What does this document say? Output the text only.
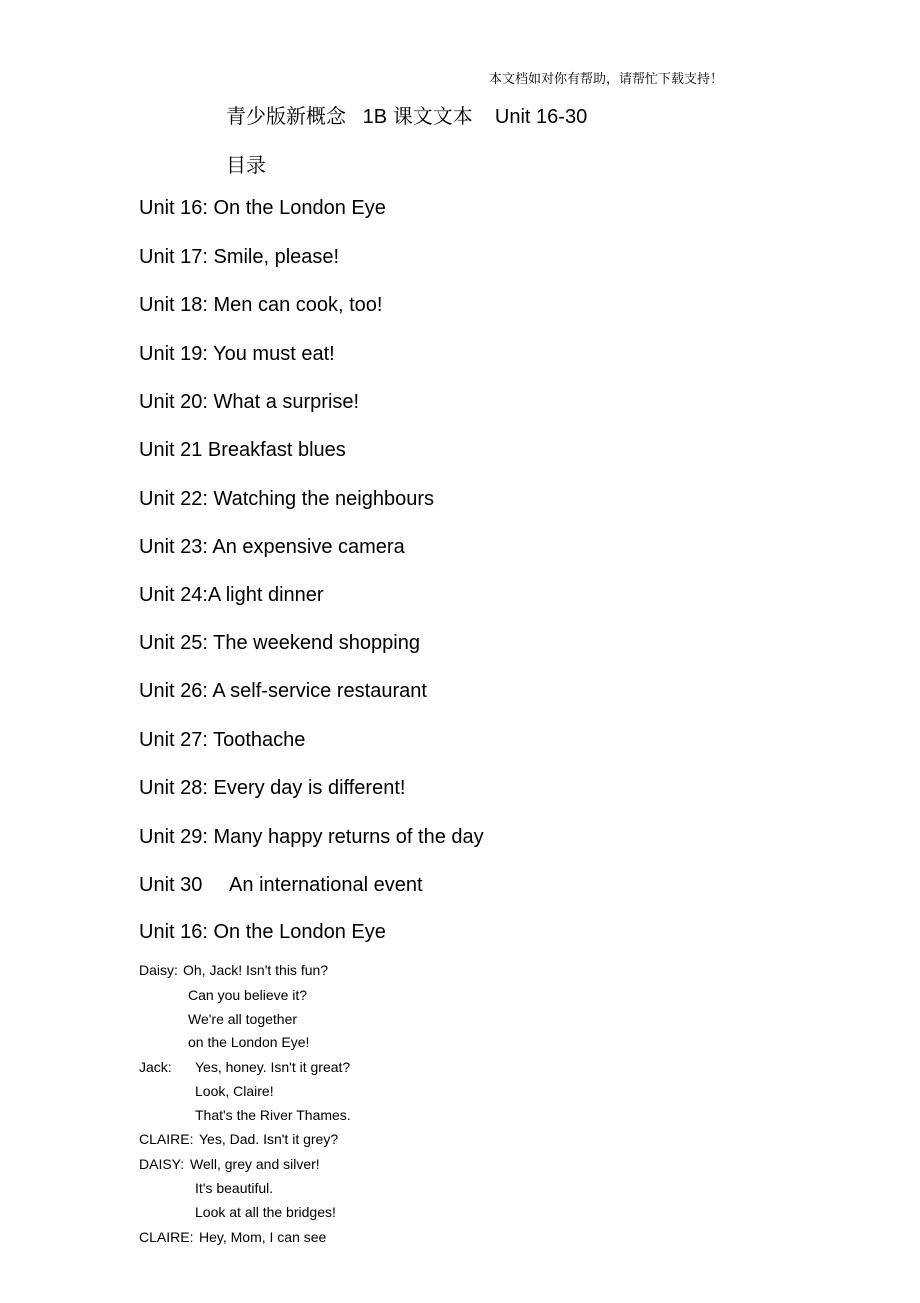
本文档如对你有帮助，请帮忙下载支持！
青少版新概念   1B 课文文本    Unit 16-30
目录
Unit 16: On the London Eye
Unit 17: Smile, please!
Unit 18: Men can cook, too!
Unit 19: You must eat!
Unit 20: What a surprise!
Unit 21 Breakfast blues
Unit 22: Watching the neighbours
Unit 23: An expensive camera
Unit 24:A light dinner
Unit 25: The weekend shopping
Unit 26: A self-service restaurant
Unit 27: Toothache
Unit 28: Every day is different!
Unit 29: Many happy returns of the day
Unit 30     An international event
Unit 16: On the London Eye
Daisy: Oh, Jack! Isn't this fun?
Can you believe it?
We're all together
on the London Eye!
Jack: Yes, honey. Isn't it great?
Look, Claire!
That's the River Thames.
CLAIRE: Yes, Dad. Isn't it grey?
DAISY: Well, grey and silver!
It's beautiful.
Look at all the bridges!
CLAIRE: Hey, Mom, I can see
